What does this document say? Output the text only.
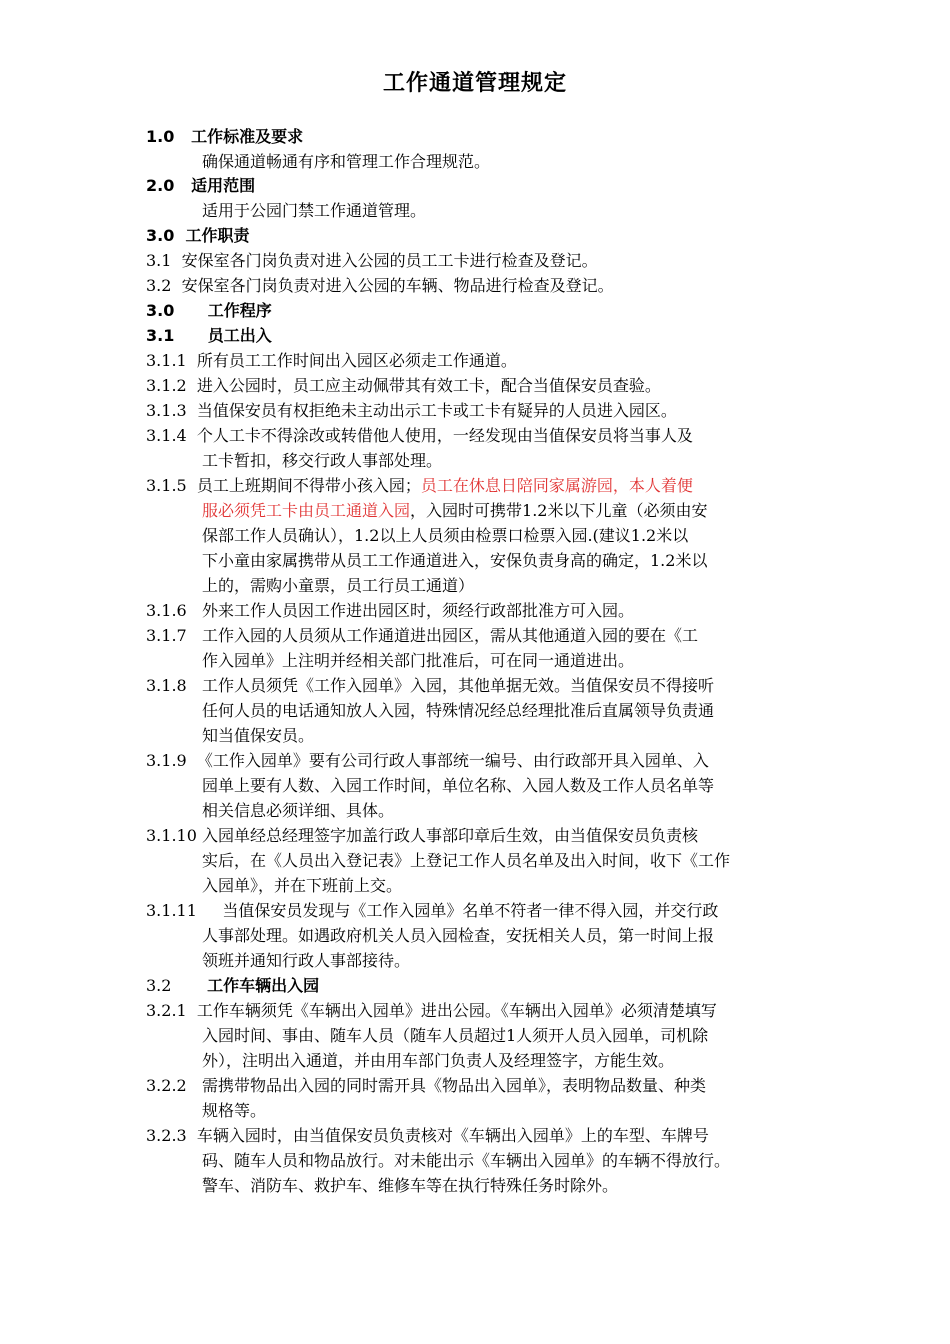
工作通道管理规定
1.0 工作标准及要求
确保通道畅通有序和管理工作合理规范。
2.0 适用范围
适用于公园门禁工作通道管理。
3.0 工作职责
3.1  安保室各门岗负责对进入公园的员工工卡进行检查及登记。
3.2  安保室各门岗负责对进入公园的车辆、物品进行检查及登记。
3.0 工作程序
3.1 员工出入
3.1.1  所有员工工作时间出入园区必须走工作通道。
3.1.2  进入公园时，员工应主动佩带其有效工卡，配合当值保安员查验。
3.1.3  当值保安员有权拒绝未主动出示工卡或工卡有疑异的人员进入园区。
3.1.4  个人工卡不得涂改或转借他人使用，一经发现由当值保安员将当事人及
工卡暂扣，移交行政人事部处理。
3.1.5  员工上班期间不得带小孩入园；员工在休息日陪同家属游园，本人着便
服必须凭工卡由员工通道入园，入园时可携带1.2米以下儿童（必须由安
保部工作人员确认），1.2以上人员须由检票口检票入园.(建议1.2米以
下小童由家属携带从员工工作通道进入，安保负责身高的确定，1.2米以
上的，需购小童票，员工行员工通道）
3.1.6   外来工作人员因工作进出园区时，须经行政部批准方可入园。
3.1.7   工作入园的人员须从工作通道进出园区，需从其他通道入园的要在《工
作入园单》上注明并经相关部门批准后，可在同一通道进出。
3.1.8   工作人员须凭《工作入园单》入园，其他单据无效。当值保安员不得接听
任何人员的电话通知放人入园，特殊情况经总经理批准后直属领导负责通
知当值保安员。
3.1.9  《工作入园单》要有公司行政人事部统一编号、由行政部开具入园单、入
园单上要有人数、入园工作时间，单位名称、入园人数及工作人员名单等
相关信息必须详细、具体。
3.1.10 入园单经总经理签字加盖行政人事部印章后生效，由当值保安员负责核
实后，在《人员出入登记表》上登记工作人员名单及出入时间，收下《工作
入园单》，并在下班前上交。
3.1.11     当值保安员发现与《工作入园单》名单不符者一律不得入园，并交行政
人事部处理。如遇政府机关人员入园检查，安抚相关人员，第一时间上报
领班并通知行政人事部接待。
3.2 工作车辆出入园
3.2.1  工作车辆须凭《车辆出入园单》进出公园。《车辆出入园单》必须清楚填写
入园时间、事由、随车人员（随车人员超过1人须开人员入园单，司机除
外），注明出入通道，并由用车部门负责人及经理签字，方能生效。
3.2.2   需携带物品出入园的同时需开具《物品出入园单》，表明物品数量、种类
规格等。
3.2.3  车辆入园时，由当值保安员负责核对《车辆出入园单》上的车型、车牌号
码、随车人员和物品放行。对未能出示《车辆出入园单》的车辆不得放行。
警车、消防车、救护车、维修车等在执行特殊任务时除外。
